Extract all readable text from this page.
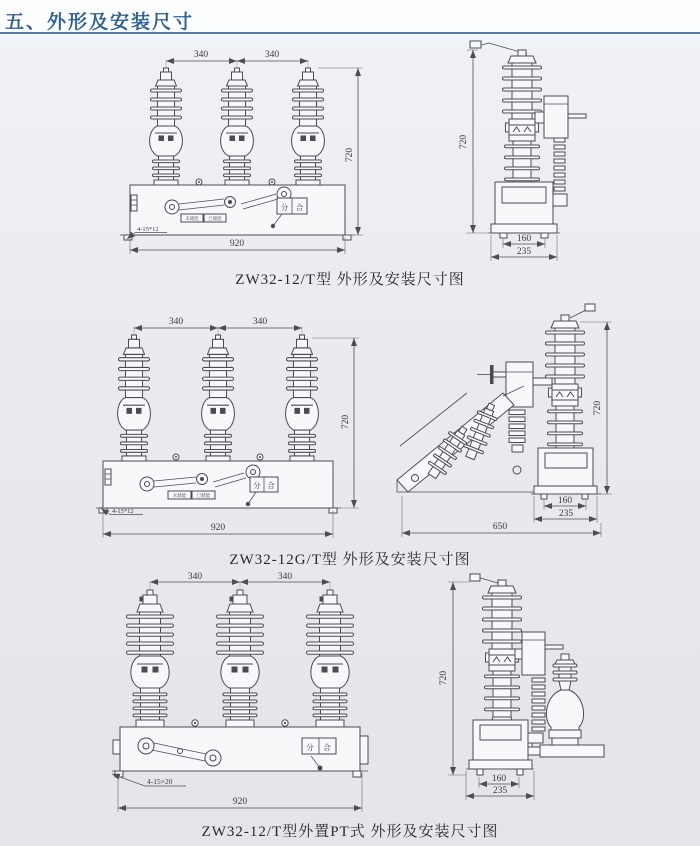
五、外形及安装尺寸
未储能 已储能
分 合
340	340
720
920
4-15*12
720
160
235
ZW32-12/T型 外形及安装尺寸图
未储能 已储能
分 合
340	340
720
920
4-15*12
720
160
235
650
ZW32-12G/T型 外形及安装尺寸图
分 合
340	340
920
4-15×20
720
160
235
ZW32-12/T型外置PT式 外形及安装尺寸图
